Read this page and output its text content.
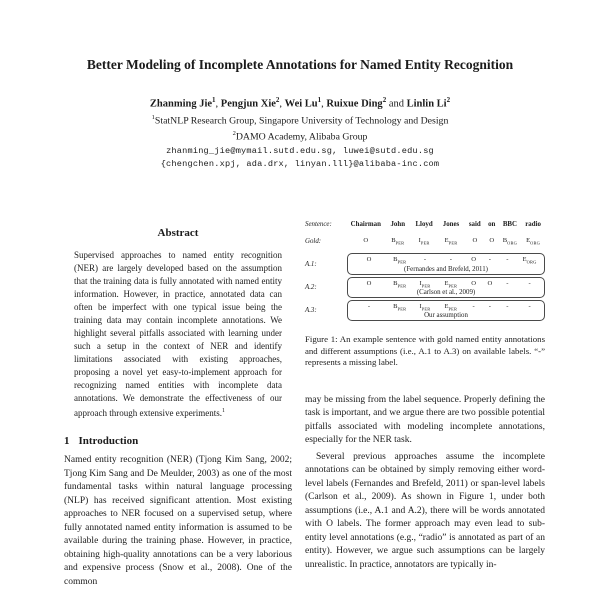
Better Modeling of Incomplete Annotations for Named Entity Recognition
Zhanming Jie$^1$, Pengjun Xie$^2$, Wei Lu$^1$, Ruixue Ding$^2$ and Linlin Li$^2$
$^1$StatNLP Research Group, Singapore University of Technology and Design
$^2$DAMO Academy, Alibaba Group
zhanming_jie@mymail.sutd.edu.sg, luwei@sutd.edu.sg
{chengchen.xpj, ada.drx, linyan.lll}@alibaba-inc.com
Abstract
Supervised approaches to named entity recognition (NER) are largely developed based on the assumption that the training data is fully annotated with named entity information. However, in practice, annotated data can often be imperfect with one typical issue being the training data may contain incomplete annotations. We highlight several pitfalls associated with learning under such a setup in the context of NER and identify limitations associated with existing approaches, proposing a novel yet easy-to-implement approach for recognizing named entities with incomplete data annotations. We demonstrate the effectiveness of our approach through extensive experiments.$^1$
1 Introduction
Named entity recognition (NER) (Tjong Kim Sang, 2002; Tjong Kim Sang and De Meulder, 2003) as one of the most fundamental tasks within natural language processing (NLP) has received significant attention. Most existing approaches to NER focused on a supervised setup, where fully annotated named entity information is assumed to be available during the training phase. However, in practice, obtaining high-quality annotations can be a very laborious and expensive process (Snow et al., 2008). One of the common
Sentence:	Chairman	John	Lloyd	Jones	said	on	BBC	radio
Gold:	O	$B_{PER}$	$I_{PER}$	$E_{PER}$	O	O	$B_{ORG}$	$E_{ORG}$
A.1:
O	$B_{PER}$	-	-	O	-	-	$E_{ORG}$
(Fernandes and Brefeld, 2011)
A.2:
O	$B_{PER}$	$I_{PER}$	$E_{PER}$	O	O	-	-
(Carlson et al., 2009)
A.3:
-	$B_{PER}$	$I_{PER}$	$E_{PER}$	-	-	-	-
Our assumption
Figure 1: An example sentence with gold named entity annotations and different assumptions (i.e., A.1 to A.3) on available labels. “-” represents a missing label.
may be missing from the label sequence. Properly defining the task is important, and we argue there are two possible potential pitfalls associated with modeling incomplete annotations, especially for the NER task.
Several previous approaches assume the incomplete annotations can be obtained by simply removing either word-level labels (Fernandes and Brefeld, 2011) or span-level labels (Carlson et al., 2009). As shown in Figure 1, under both assumptions (i.e., A.1 and A.2), there will be words annotated with O labels. The former approach may even lead to sub-entity level annotations (e.g., “radio” is annotated as part of an entity). However, we argue such assumptions can be largely unrealistic. In practice, annotators are typically in-
